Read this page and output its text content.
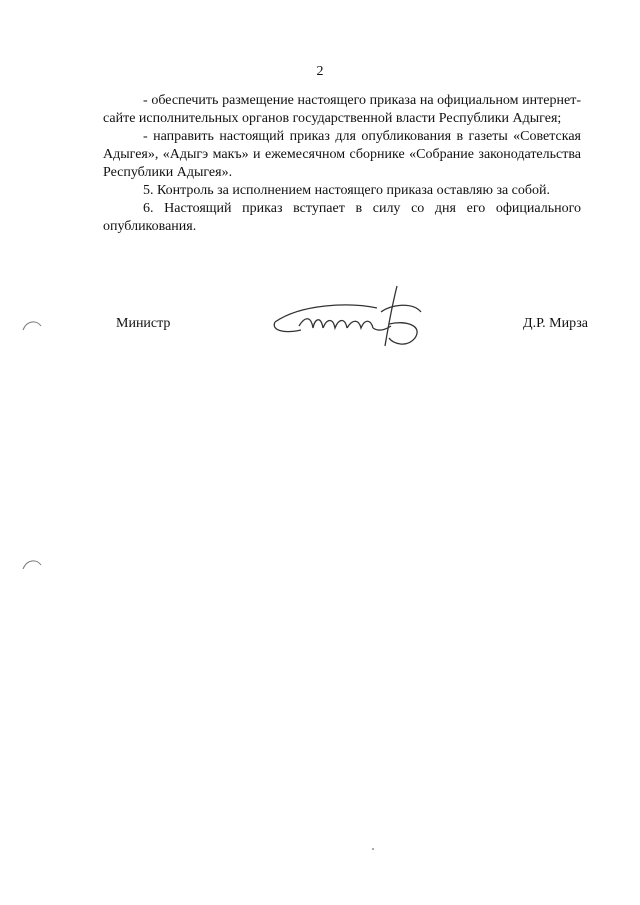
2

- обеспечить размещение настоящего приказа на официальном интернет-сайте исполнительных органов государственной власти Республики Адыгея;

- направить настоящий приказ для опубликования в газеты «Советская Адыгея», «Адыгэ макъ» и ежемесячном сборнике «Собрание законодательства Республики Адыгея».

5. Контроль за исполнением настоящего приказа оставляю за собой.

6. Настоящий приказ вступает в силу со дня его официального опубликования.

Министр	Д.Р. Мирза
